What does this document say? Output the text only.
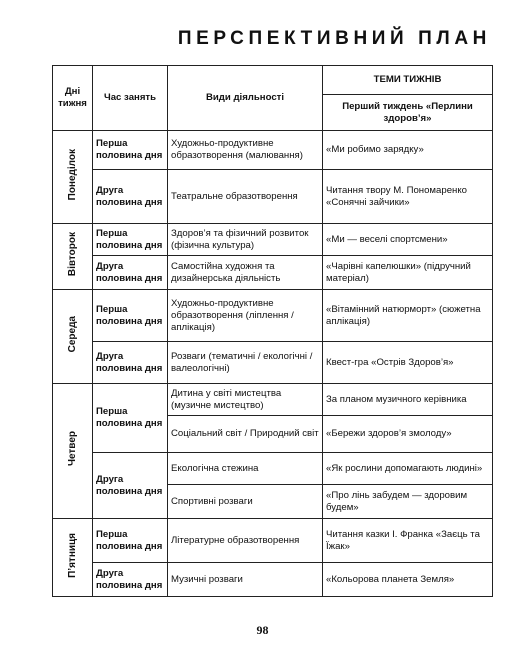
ПЕРСПЕКТИВНИЙ ПЛАН
Дні тижня	Час занять	Види діяльності	ТЕМИ ТИЖНІВ
			Перший тиждень «Перлини здоров’я»
Понеділок	Перша половина дня	Художньо-продуктивне образотворення (малювання)	«Ми робимо зарядку»
	Друга половина дня	Театральне образотворення	Читання твору М. Пономаренко «Сонячні зайчики»
Вівторок	Перша половина дня	Здоров’я та фізичний розвиток (фізична культура)	«Ми — веселі спортсмени»
	Друга половина дня	Самостійна художня та дизайнерська діяльність	«Чарівні капелюшки» (підручний матеріал)
Середа	Перша половина дня	Художньо-продуктивне образотворення (ліплення / аплікація)	«Вітамінний натюрморт» (сюжетна аплікація)
	Друга половина дня	Розваги (тематичні / екологічні / валеологічні)	Квест-гра «Острів Здоров’я»
Четвер	Перша половина дня	Дитина у світі мистецтва (музичне мистецтво)	За планом музичного керівника
		Соціальний світ / Природний світ	«Бережи здоров’я змолоду»
	Друга половина дня	Екологічна стежина	«Як рослини допомагають людині»
		Спортивні розваги	«Про лінь забудем — здоровим будем»
П’ятниця	Перша половина дня	Літературне образотворення	Читання казки І. Франка «Заєць та Їжак»
	Друга половина дня	Музичні розваги	«Кольорова планета Земля»
98
